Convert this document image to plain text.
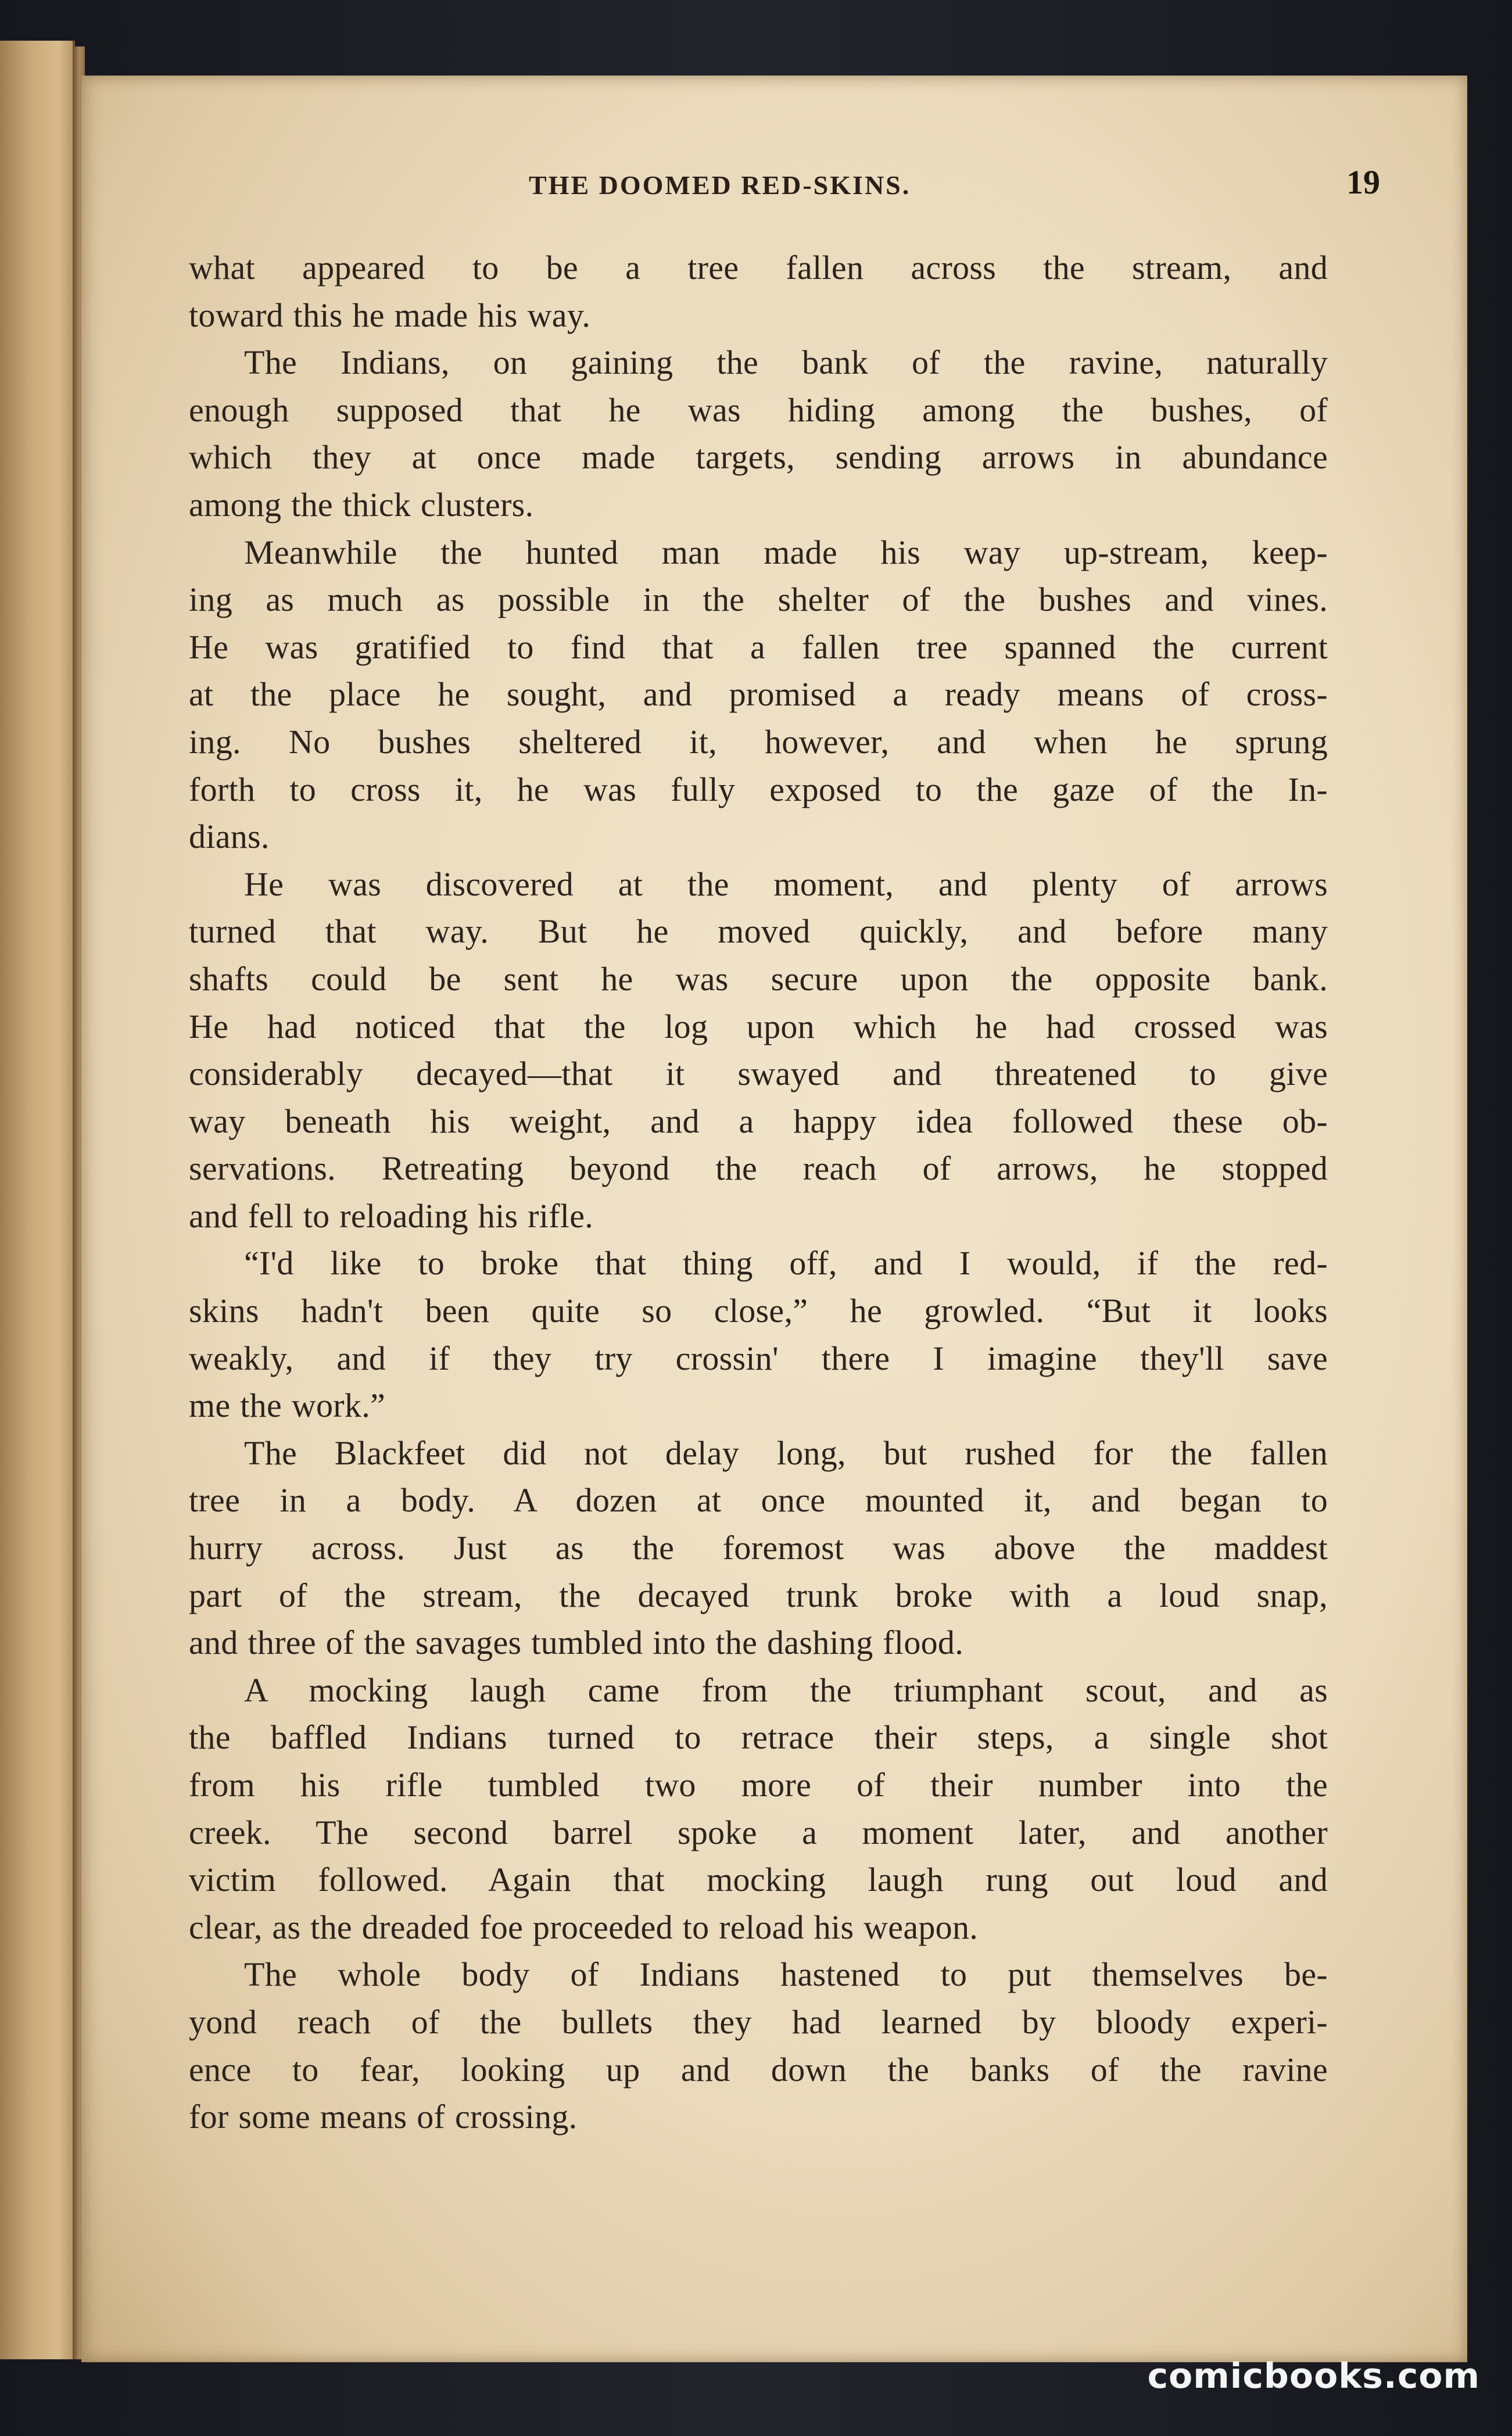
THE DOOMED RED-SKINS.	19
what appeared to be a tree fallen across the stream, and
toward this he made his way.
The Indians, on gaining the bank of the ravine, naturally
enough supposed that he was hiding among the bushes, of
which they at once made targets, sending arrows in abundance
among the thick clusters.
Meanwhile the hunted man made his way up-stream, keep-
ing as much as possible in the shelter of the bushes and vines.
He was gratified to find that a fallen tree spanned the current
at the place he sought, and promised a ready means of cross-
ing. No bushes sheltered it, however, and when he sprung
forth to cross it, he was fully exposed to the gaze of the In-
dians.
He was discovered at the moment, and plenty of arrows
turned that way. But he moved quickly, and before many
shafts could be sent he was secure upon the opposite bank.
He had noticed that the log upon which he had crossed was
considerably decayed—that it swayed and threatened to give
way beneath his weight, and a happy idea followed these ob-
servations. Retreating beyond the reach of arrows, he stopped
and fell to reloading his rifle.
“I'd like to broke that thing off, and I would, if the red-
skins hadn't been quite so close,” he growled. “But it looks
weakly, and if they try crossin' there I imagine they'll save
me the work.”
The Blackfeet did not delay long, but rushed for the fallen
tree in a body. A dozen at once mounted it, and began to
hurry across. Just as the foremost was above the maddest
part of the stream, the decayed trunk broke with a loud snap,
and three of the savages tumbled into the dashing flood.
A mocking laugh came from the triumphant scout, and as
the baffled Indians turned to retrace their steps, a single shot
from his rifle tumbled two more of their number into the
creek. The second barrel spoke a moment later, and another
victim followed. Again that mocking laugh rung out loud and
clear, as the dreaded foe proceeded to reload his weapon.
The whole body of Indians hastened to put themselves be-
yond reach of the bullets they had learned by bloody experi-
ence to fear, looking up and down the banks of the ravine
for some means of crossing.
comicbooks.com
